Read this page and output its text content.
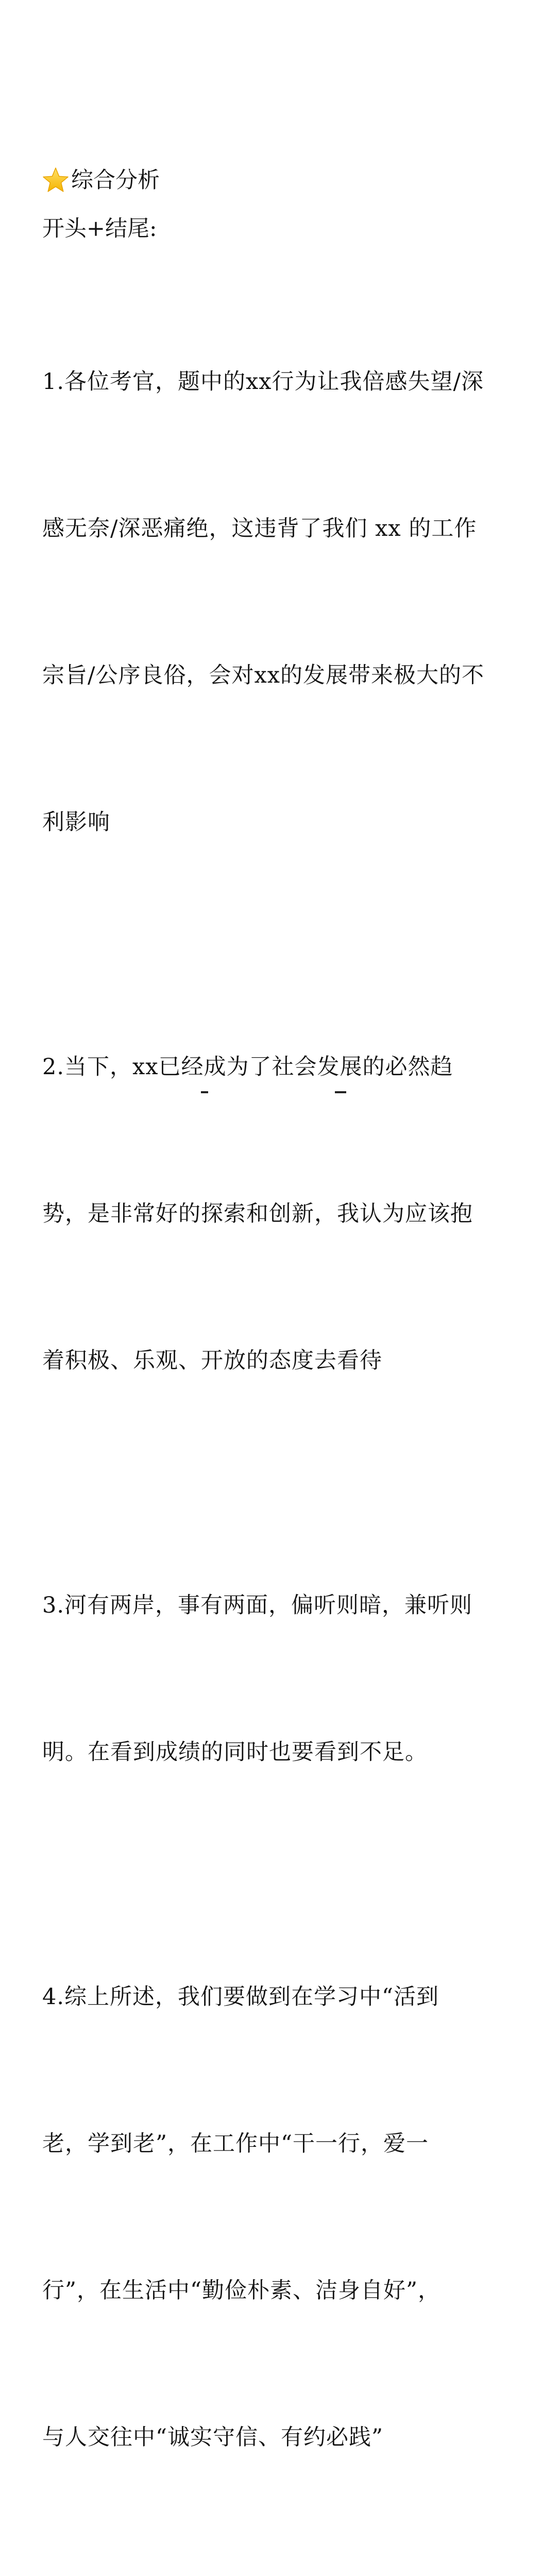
综合分析
开头+结尾:

1.各位考官，题中的xx行为让我倍感失望/深

感无奈/深恶痛绝，这违背了我们 xx 的工作

宗旨/公序良俗，会对xx的发展带来极大的不

利影响

2.当下，xx已经成为了社会发展的必然趋

势，是非常好的探索和创新，我认为应该抱

着积极、乐观、开放的态度去看待

3.河有两岸，事有两面，偏听则暗，兼听则

明。在看到成绩的同时也要看到不足。

4.综上所述，我们要做到在学习中“活到

老，学到老”，在工作中“干一行，爱一

行”，在生活中“勤俭朴素、洁身自好”，

与人交往中“诚实守信、有约必践”
